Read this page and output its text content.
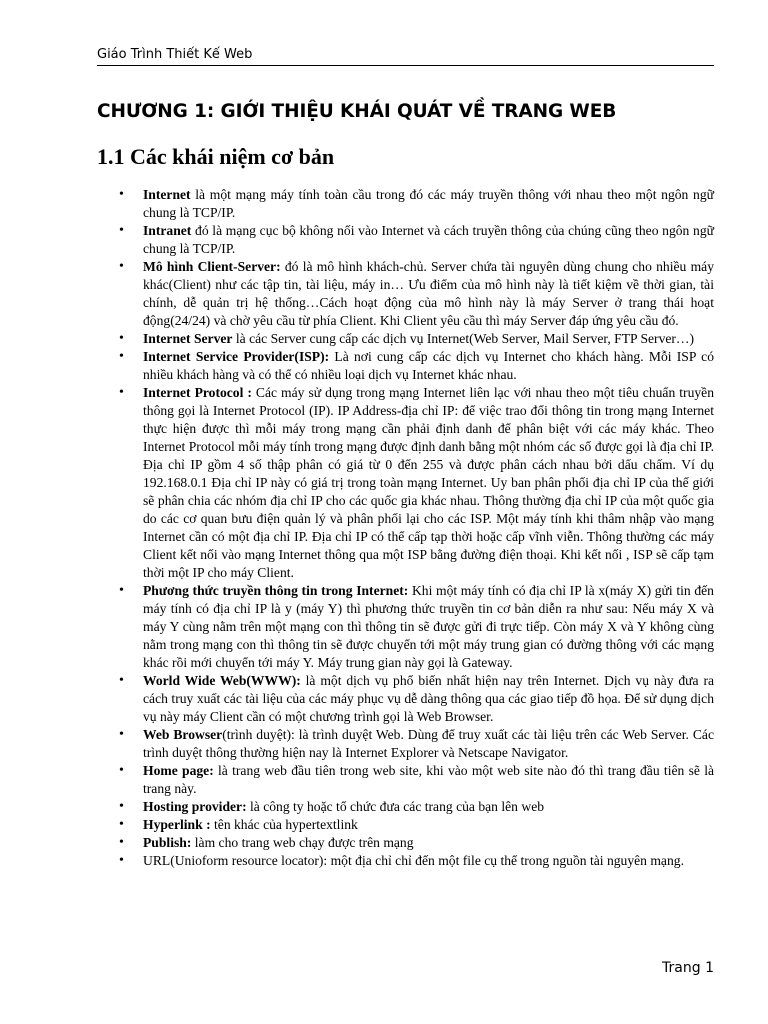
Giáo Trình Thiết Kế Web
CHƯƠNG 1: GIỚI THIỆU KHÁI QUÁT VỀ TRANG WEB
1.1 Các khái niệm cơ bản
• Internet là một mạng máy tính toàn cầu trong đó các máy truyền thông với nhau theo một ngôn ngữ chung là TCP/IP.
• Intranet đó là mạng cục bộ không nối vào Internet và cách truyền thông của chúng cũng theo ngôn ngữ chung là TCP/IP.
• Mô hình Client-Server: đó là mô hình khách-chủ. Server chứa tài nguyên dùng chung cho nhiều máy khác(Client) như các tập tin, tài liệu, máy in… Ưu điểm của mô hình này là tiết kiệm về thời gian, tài chính, dễ quản trị hệ thống…Cách hoạt động của mô hình này là máy Server ở trang thái hoạt động(24/24) và chờ yêu cầu từ phía Client. Khi Client yêu cầu thì máy Server đáp ứng yêu cầu đó.
• Internet Server là các Server cung cấp các dịch vụ Internet(Web Server, Mail Server, FTP Server…)
• Internet Service Provider(ISP): Là nơi cung cấp các dịch vụ Internet cho khách hàng. Mỗi ISP có nhiều khách hàng và có thể có nhiều loại dịch vụ Internet khác nhau.
• Internet Protocol : Các máy sử dụng trong mạng Internet liên lạc với nhau theo một tiêu chuẩn truyền thông gọi là Internet Protocol (IP). IP Address-địa chỉ IP: để việc trao đổi thông tin trong mạng Internet thực hiện được thì mỗi máy trong mạng cần phải định danh để phân biệt với các máy khác. Theo Internet Protocol mỗi máy tính trong mạng được định danh bằng một nhóm các số được gọi là địa chỉ IP. Địa chỉ IP gồm 4 số thập phân có giá từ 0 đến 255 và được phân cách nhau bởi dấu chấm. Ví dụ 192.168.0.1 Địa chỉ IP này có giá trị trong toàn mạng Internet. Uy ban phân phối địa chỉ IP của thế giới sẽ phân chia các nhóm địa chỉ IP cho các quốc gia khác nhau. Thông thường địa chỉ IP của một quốc gia do các cơ quan bưu điện quản lý và phân phối lại cho các ISP. Một máy tính khi thâm nhập vào mạng Internet cần có một địa chỉ IP. Địa chỉ IP có thể cấp tạp thời hoặc cấp vĩnh viễn. Thông thường các máy Client kết nối vào mạng Internet thông qua một ISP bằng đường điện thoại. Khi kết nối , ISP sẽ cấp tạm thời một IP cho máy Client.
• Phương thức truyền thông tin trong Internet: Khi một máy tính có địa chỉ IP là x(máy X) gửi tin đến máy tính có địa chỉ IP là y (máy Y) thì phương thức truyền tin cơ bản diễn ra như sau: Nếu máy X và máy Y cùng nằm trên một mạng con thì thông tin sẽ được gửi đi trực tiếp. Còn máy X và Y không cùng nằm trong mạng con thì thông tin sẽ được chuyển tới một máy trung gian có đường thông với các mạng khác rồi mới chuyển tới máy Y. Máy trung gian này gọi là Gateway.
• World Wide Web(WWW): là một dịch vụ phổ biến nhất hiện nay trên Internet. Dịch vụ này đưa ra cách truy xuất các tài liệu của các máy phục vụ dễ dàng thông qua các giao tiếp đồ họa. Để sử dụng dịch vụ này máy Client cần có một chương trình gọi là Web Browser.
• Web Browser(trình duyệt): là trình duyệt Web. Dùng để truy xuất các tài liệu trên các Web Server. Các trình duyệt thông thường hiện nay là Internet Explorer và Netscape Navigator.
• Home page: là trang web đầu tiên trong web site, khi vào một web site nào đó thì trang đầu tiên sẽ là trang này.
• Hosting provider: là công ty hoặc tổ chức đưa các trang của bạn lên web
• Hyperlink : tên khác của hypertextlink
• Publish: làm cho trang web chạy được trên mạng
• URL(Unioform resource locator): một địa chỉ chỉ đến một file cụ thể trong nguồn tài nguyên mạng.
Trang 1
